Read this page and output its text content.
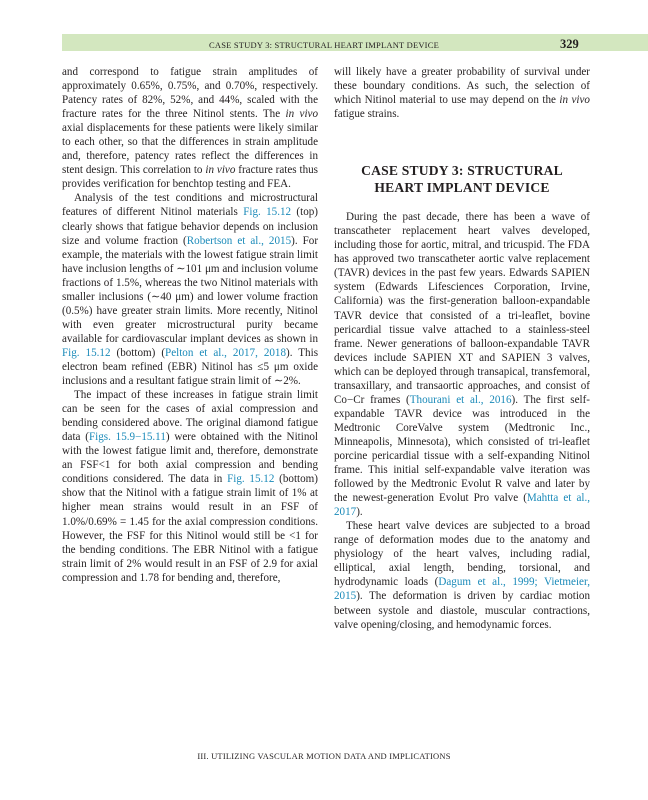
CASE STUDY 3: STRUCTURAL HEART IMPLANT DEVICE	329

and correspond to fatigue strain amplitudes of approximately 0.65%, 0.75%, and 0.70%, respectively. Patency rates of 82%, 52%, and 44%, scaled with the fracture rates for the three Nitinol stents. The in vivo axial displacements for these patients were likely similar to each other, so that the differences in strain amplitude and, therefore, patency rates reflect the differences in stent design. This correlation to in vivo fracture rates thus provides verification for benchtop testing and FEA.

Analysis of the test conditions and microstructural features of different Nitinol materials Fig. 15.12 (top) clearly shows that fatigue behavior depends on inclusion size and volume fraction (Robertson et al., 2015). For example, the materials with the lowest fatigue strain limit have inclusion lengths of ∼101 μm and inclusion volume fractions of 1.5%, whereas the two Nitinol materials with smaller inclusions (∼40 μm) and lower volume fraction (0.5%) have greater strain limits. More recently, Nitinol with even greater microstructural purity became available for cardiovascular implant devices as shown in Fig. 15.12 (bottom) (Pelton et al., 2017, 2018). This electron beam refined (EBR) Nitinol has ≤5 μm oxide inclusions and a resultant fatigue strain limit of ∼2%.

The impact of these increases in fatigue strain limit can be seen for the cases of axial compression and bending considered above. The original diamond fatigue data (Figs. 15.9−15.11) were obtained with the Nitinol with the lowest fatigue limit and, therefore, demonstrate an FSF<1 for both axial compression and bending conditions considered. The data in Fig. 15.12 (bottom) show that the Nitinol with a fatigue strain limit of 1% at higher mean strains would result in an FSF of 1.0%/0.69% = 1.45 for the axial compression conditions. However, the FSF for this Nitinol would still be <1 for the bending conditions. The EBR Nitinol with a fatigue strain limit of 2% would result in an FSF of 2.9 for axial compression and 1.78 for bending and, therefore,

will likely have a greater probability of survival under these boundary conditions. As such, the selection of which Nitinol material to use may depend on the in vivo fatigue strains.

CASE STUDY 3: STRUCTURAL
HEART IMPLANT DEVICE

During the past decade, there has been a wave of transcatheter replacement heart valves developed, including those for aortic, mitral, and tricuspid. The FDA has approved two transcatheter aortic valve replacement (TAVR) devices in the past few years. Edwards SAPIEN system (Edwards Lifesciences Corporation, Irvine, California) was the first-generation balloon-expandable TAVR device that consisted of a tri-leaflet, bovine pericardial tissue valve attached to a stainless-steel frame. Newer generations of balloon-expandable TAVR devices include SAPIEN XT and SAPIEN 3 valves, which can be deployed through transapical, transfemoral, transaxillary, and transaortic approaches, and consist of Co−Cr frames (Thourani et al., 2016). The first self-expandable TAVR device was introduced in the Medtronic CoreValve system (Medtronic Inc., Minneapolis, Minnesota), which consisted of tri-leaflet porcine pericardial tissue with a self-expanding Nitinol frame. This initial self-expandable valve iteration was followed by the Medtronic Evolut R valve and later by the newest-generation Evolut Pro valve (Mahtta et al., 2017).

These heart valve devices are subjected to a broad range of deformation modes due to the anatomy and physiology of the heart valves, including radial, elliptical, axial length, bending, torsional, and hydrodynamic loads (Dagum et al., 1999; Vietmeier, 2015). The deformation is driven by cardiac motion between systole and diastole, muscular contractions, valve opening/closing, and hemodynamic forces.

III. UTILIZING VASCULAR MOTION DATA AND IMPLICATIONS
